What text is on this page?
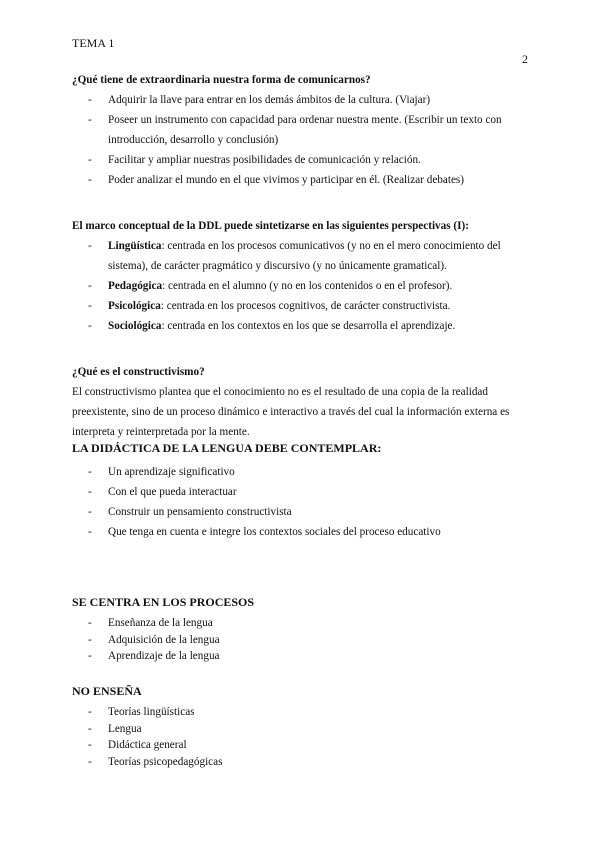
TEMA 1
2
¿Qué tiene de extraordinaria nuestra forma de comunicarnos?
- Adquirir la llave para entrar en los demás ámbitos de la cultura. (Viajar)
- Poseer un instrumento con capacidad para ordenar nuestra mente. (Escribir un texto con introducción, desarrollo y conclusión)
- Facilitar y ampliar nuestras posibilidades de comunicación y relación.
- Poder analizar el mundo en el que vivimos y participar en él. (Realizar debates)
El marco conceptual de la DDL puede sintetizarse en las siguientes perspectivas (I):
- Lingüística: centrada en los procesos comunicativos (y no en el mero conocimiento del sistema), de carácter pragmático y discursivo (y no únicamente gramatical).
- Pedagógica: centrada en el alumno (y no en los contenidos o en el profesor).
- Psicológica: centrada en los procesos cognitivos, de carácter constructivista.
- Sociológica: centrada en los contextos en los que se desarrolla el aprendizaje.
¿Qué es el constructivismo?
El constructivismo plantea que el conocimiento no es el resultado de una copia de la realidad preexistente, sino de un proceso dinámico e interactivo a través del cual la información externa es interpreta y reinterpretada por la mente.
LA DIDÁCTICA DE LA LENGUA DEBE CONTEMPLAR:
- Un aprendizaje significativo
- Con el que pueda interactuar
- Construir un pensamiento constructivista
- Que tenga en cuenta e integre los contextos sociales del proceso educativo
SE CENTRA EN LOS PROCESOS
- Enseñanza de la lengua
- Adquisición de la lengua
- Aprendizaje de la lengua
NO ENSEÑA
- Teorías lingüísticas
- Lengua
- Didáctica general
- Teorías psicopedagógicas
